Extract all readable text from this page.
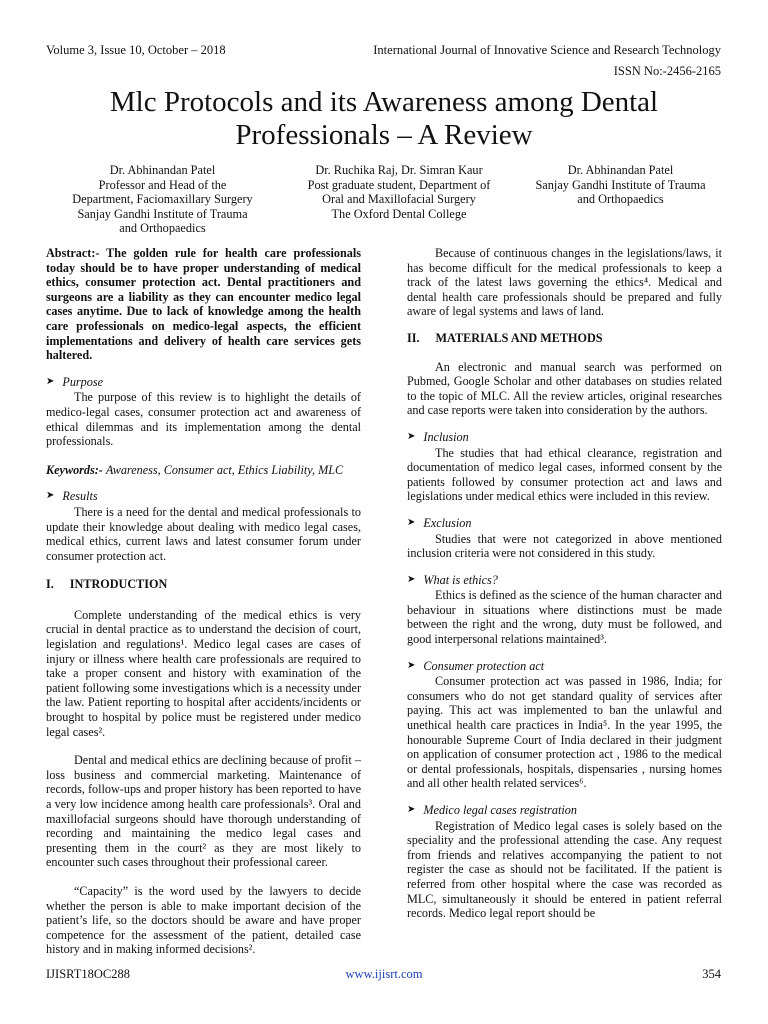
Volume 3, Issue 10, October – 2018	International Journal of Innovative Science and Research Technology
ISSN No:-2456-2165
Mlc Protocols and its Awareness among Dental Professionals – A Review
Dr. Abhinandan Patel
Professor and Head of the
Department, Faciomaxillary Surgery
Sanjay Gandhi Institute of Trauma
and Orthopaedics
Dr. Ruchika Raj, Dr. Simran Kaur
Post graduate student, Department of
Oral and Maxillofacial Surgery
The Oxford Dental College
Dr. Abhinandan Patel
Sanjay Gandhi Institute of Trauma
and Orthopaedics

Abstract:- The golden rule for health care professionals today should be to have proper understanding of medical ethics, consumer protection act. Dental practitioners and surgeons are a liability as they can encounter medico legal cases anytime. Due to lack of knowledge among the health care professionals on medico-legal aspects, the efficient implementations and delivery of health care services gets haltered.

➤ Purpose

The purpose of this review is to highlight the details of medico-legal cases, consumer protection act and awareness of ethical dilemmas and its implementation among the dental professionals.

Keywords:- Awareness, Consumer act, Ethics Liability, MLC

➤ Results

There is a need for the dental and medical professionals to update their knowledge about dealing with medico legal cases, medical ethics, current laws and latest consumer forum under consumer protection act.

I. INTRODUCTION

Complete understanding of the medical ethics is very crucial in dental practice as to understand the decision of court, legislation and regulations¹. Medico legal cases are cases of injury or illness where health care professionals are required to take a proper consent and history with examination of the patient following some investigations which is a necessity under the law. Patient reporting to hospital after accidents/incidents or brought to hospital by police must be registered under medico legal cases².

Dental and medical ethics are declining because of profit –loss business and commercial marketing. Maintenance of records, follow-ups and proper history has been reported to have a very low incidence among health care professionals³. Oral and maxillofacial surgeons should have thorough understanding of recording and maintaining the medico legal cases and presenting them in the court² as they are most likely to encounter such cases throughout their professional career.

“Capacity” is the word used by the lawyers to decide whether the person is able to make important decision of the patient’s life, so the doctors should be aware and have proper competence for the assessment of the patient, detailed case history and in making informed decisions².

Because of continuous changes in the legislations/laws, it has become difficult for the medical professionals to keep a track of the latest laws governing the ethics⁴. Medical and dental health care professionals should be prepared and fully aware of legal systems and laws of land.

II. MATERIALS AND METHODS

An electronic and manual search was performed on Pubmed, Google Scholar and other databases on studies related to the topic of MLC. All the review articles, original researches and case reports were taken into consideration by the authors.

➤ Inclusion

The studies that had ethical clearance, registration and documentation of medico legal cases, informed consent by the patients followed by consumer protection act and laws and legislations under medical ethics were included in this review.

➤ Exclusion

Studies that were not categorized in above mentioned inclusion criteria were not considered in this study.

➤ What is ethics?

Ethics is defined as the science of the human character and behaviour in situations where distinctions must be made between the right and the wrong, duty must be followed, and good interpersonal relations maintained³.

➤ Consumer protection act

Consumer protection act was passed in 1986, India; for consumers who do not get standard quality of services after paying. This act was implemented to ban the unlawful and unethical health care practices in India⁵. In the year 1995, the honourable Supreme Court of India declared in their judgment on application of consumer protection act , 1986 to the medical or dental professionals, hospitals, dispensaries , nursing homes and all other health related services⁶.

➤ Medico legal cases registration

Registration of Medico legal cases is solely based on the speciality and the professional attending the case. Any request from friends and relatives accompanying the patient to not register the case as should not be facilitated. If the patient is referred from other hospital where the case was recorded as MLC, simultaneously it should be entered in patient referral records. Medico legal report should be

IJISRT18OC288	www.ijisrt.com	354
